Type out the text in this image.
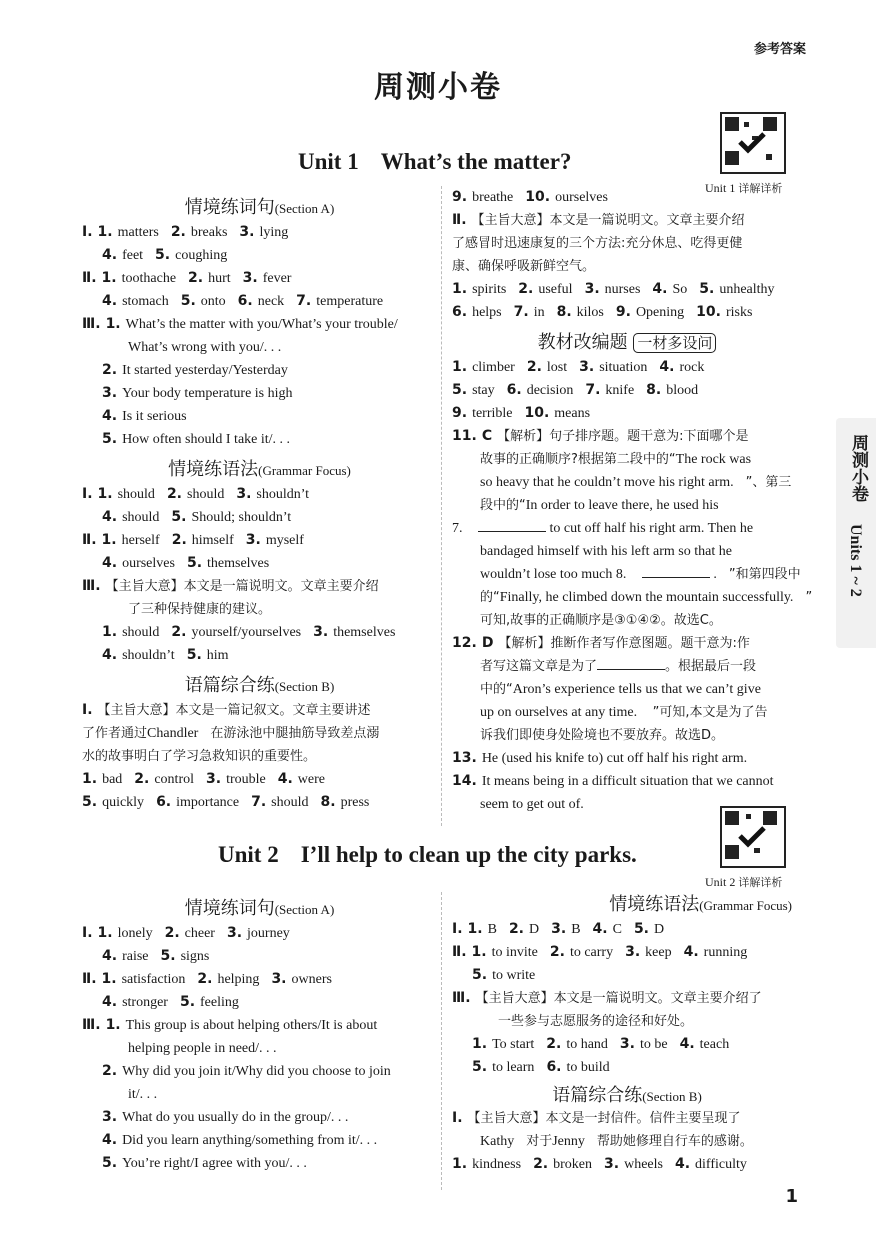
参考答案
周测小卷
Unit 1 What’s the matter?
Unit 1 详解详析
情境练词句(Section A)
Ⅰ. 1. matters 2. breaks 3. lying
4. feet 5. coughing
Ⅱ. 1. toothache 2. hurt 3. fever
4. stomach 5. onto 6. neck 7. temperature
Ⅲ. 1. What’s the matter with you/What’s your trouble/
What’s wrong with you/. . .
2. It started yesterday/Yesterday
3. Your body temperature is high
4. Is it serious
5. How often should I take it/. . .
情境练语法(Grammar Focus)
Ⅰ. 1. should 2. should 3. shouldn’t
4. should 5. Should; shouldn’t
Ⅱ. 1. herself 2. himself 3. myself
4. ourselves 5. themselves
Ⅲ. 【主旨大意】本文是一篇说明文。文章主要介绍
了三种保持健康的建议。
1. should 2. yourself/yourselves 3. themselves
4. shouldn’t 5. him
语篇综合练(Section B)
Ⅰ. 【主旨大意】本文是一篇记叙文。文章主要讲述
了作者通过Chandler 在游泳池中腿抽筋导致差点溺
水的故事明白了学习急救知识的重要性。
1. bad 2. control 3. trouble 4. were
5. quickly 6. importance 7. should 8. press
9. breathe 10. ourselves
Ⅱ. 【主旨大意】本文是一篇说明文。文章主要介绍
了感冒时迅速康复的三个方法:充分休息、吃得更健
康、确保呼吸新鲜空气。
1. spirits 2. useful 3. nurses 4. So 5. unhealthy
6. helps 7. in 8. kilos 9. Opening 10. risks
教材改编题 一材多设问
1. climber 2. lost 3. situation 4. rock
5. stay 6. decision 7. knife 8. blood
9. terrible 10. means
11. C 【解析】句子排序题。题干意为:下面哪个是
故事的正确顺序?根据第二段中的“The rock was
so heavy that he couldn’t move his right arm. ”、第三
段中的“In order to leave there, he used his
7.	to cut off half his right arm. Then he
bandaged himself with his left arm so that he
wouldn’t lose too much 8.	. ”和第四段中
的“Finally, he climbed down the mountain successfully. ”
可知,故事的正确顺序是③①④②。故选C。
12. D 【解析】推断作者写作意图题。题干意为:作
者写这篇文章是为了	。根据最后一段
中的“Aron’s experience tells us that we can’t give
up on ourselves at any time. ”可知,本文是为了告
诉我们即使身处险境也不要放弃。故选D。
13. He (used his knife to) cut off half his right arm.
14. It means being in a difficult situation that we cannot
seem to get out of.
Unit 2 详解详析
Unit 2 I’ll help to clean up the city parks.
情境练词句(Section A)
Ⅰ. 1. lonely 2. cheer 3. journey
4. raise 5. signs
Ⅱ. 1. satisfaction 2. helping 3. owners
4. stronger 5. feeling
Ⅲ. 1. This group is about helping others/It is about
helping people in need/. . .
2. Why did you join it/Why did you choose to join
it/. . .
3. What do you usually do in the group/. . .
4. Did you learn anything/something from it/. . .
5. You’re right/I agree with you/. . .
情境练语法(Grammar Focus)
Ⅰ. 1. B 2. D 3. B 4. C 5. D
Ⅱ. 1. to invite 2. to carry 3. keep 4. running
5. to write
Ⅲ. 【主旨大意】本文是一篇说明文。文章主要介绍了
一些参与志愿服务的途径和好处。
1. To start 2. to hand 3. to be 4. teach
5. to learn 6. to build
语篇综合练(Section B)
Ⅰ. 【主旨大意】本文是一封信件。信件主要呈现了
Kathy 对于Jenny 帮助她修理自行车的感谢。
1. kindness 2. broken 3. wheels 4. difficulty
周测小卷
Units 1 ~ 2
1
